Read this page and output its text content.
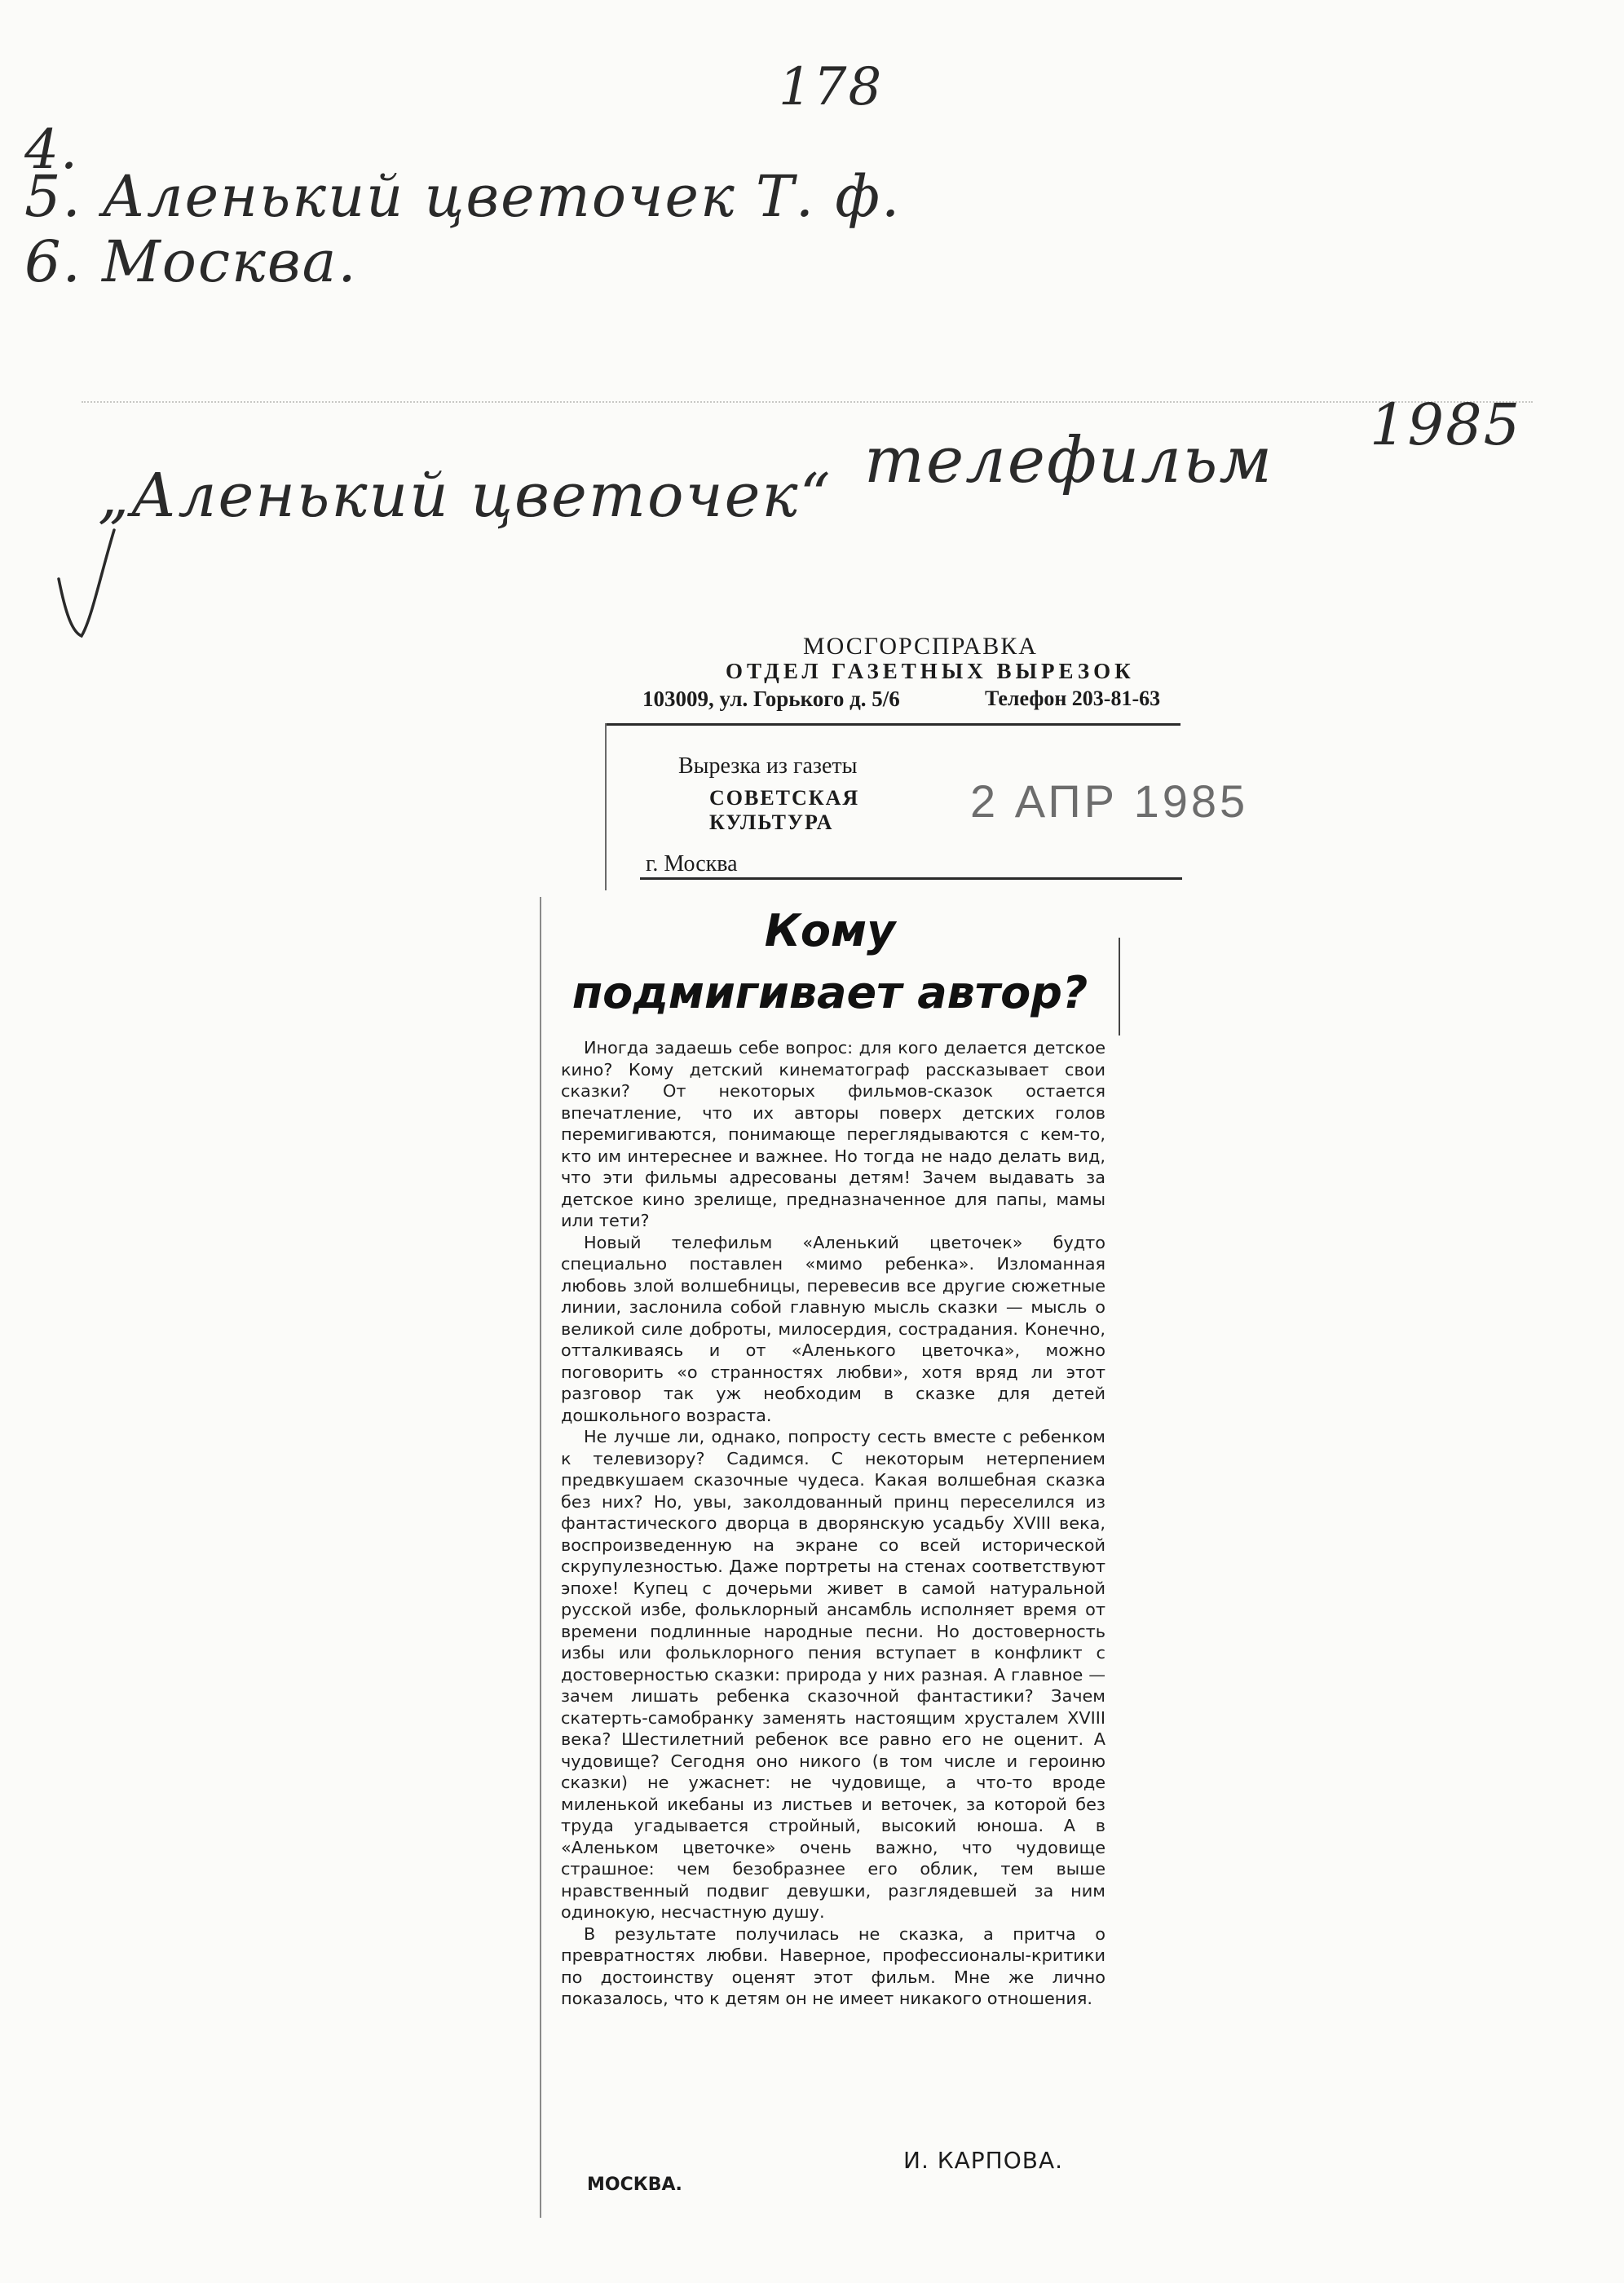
178
4.
5. Аленький цветочек Т. ф.
6. Москва.
1985
телефильм
„Аленький цветочек“
МОСГОРСПРАВКА
ОТДЕЛ ГАЗЕТНЫХ ВЫРЕЗОК
103009, ул. Горького д. 5/6	Телефон 203-81-63
Вырезка из газеты
СОВЕТСКАЯ
КУЛЬТУРА	2 АПР 1985
г. Москва
Кому
подмигивает автор?

Иногда задаешь себе вопрос: для кого делается детское кино? Кому детский кинематограф рассказывает свои сказки? От некоторых фильмов-сказок остается впечатление, что их авторы поверх детских голов перемигиваются, понимающе переглядываются с кем-то, кто им интереснее и важнее. Но тогда не надо делать вид, что эти фильмы адресованы детям! Зачем выдавать за детское кино зрелище, предназначенное для папы, мамы или тети?

Новый телефильм «Аленький цветочек» будто специально поставлен «мимо ребенка». Изломанная любовь злой волшебницы, перевесив все другие сюжетные линии, заслонила собой главную мысль сказки — мысль о великой силе доброты, милосердия, сострадания. Конечно, отталкиваясь и от «Аленького цветочка», можно поговорить «о странностях любви», хотя вряд ли этот разговор так уж необходим в сказке для детей дошкольного возраста.

Не лучше ли, однако, попросту сесть вместе с ребенком к телевизору? Садимся. С некоторым нетерпением предвкушаем сказочные чудеса. Какая волшебная сказка без них? Но, увы, заколдованный принц переселился из фантастического дворца в дворянскую усадьбу XVIII века, воспроизведенную на экране со всей исторической скрупулезностью. Даже портреты на стенах соответствуют эпохе! Купец с дочерьми живет в самой натуральной русской избе, фольклорный ансамбль исполняет время от времени подлинные народные песни. Но достоверность избы или фольклорного пения вступает в конфликт с достоверностью сказки: природа у них разная. А главное — зачем лишать ребенка сказочной фантастики? Зачем скатерть-самобранку заменять настоящим хрусталем XVIII века? Шестилетний ребенок все равно его не оценит. А чудовище? Сегодня оно никого (в том числе и героиню сказки) не ужаснет: не чудовище, а что-то вроде миленькой икебаны из листьев и веточек, за которой без труда угадывается стройный, высокий юноша. А в «Аленьком цветочке» очень важно, что чудовище страшное: чем безобразнее его облик, тем выше нравственный подвиг девушки, разглядевшей за ним одинокую, несчастную душу.

В результате получилась не сказка, а притча о превратностях любви. Наверное, профессионалы-критики по достоинству оценят этот фильм. Мне же лично показалось, что к детям он не имеет никакого отношения.

И. КАРПОВА.
МОСКВА.
